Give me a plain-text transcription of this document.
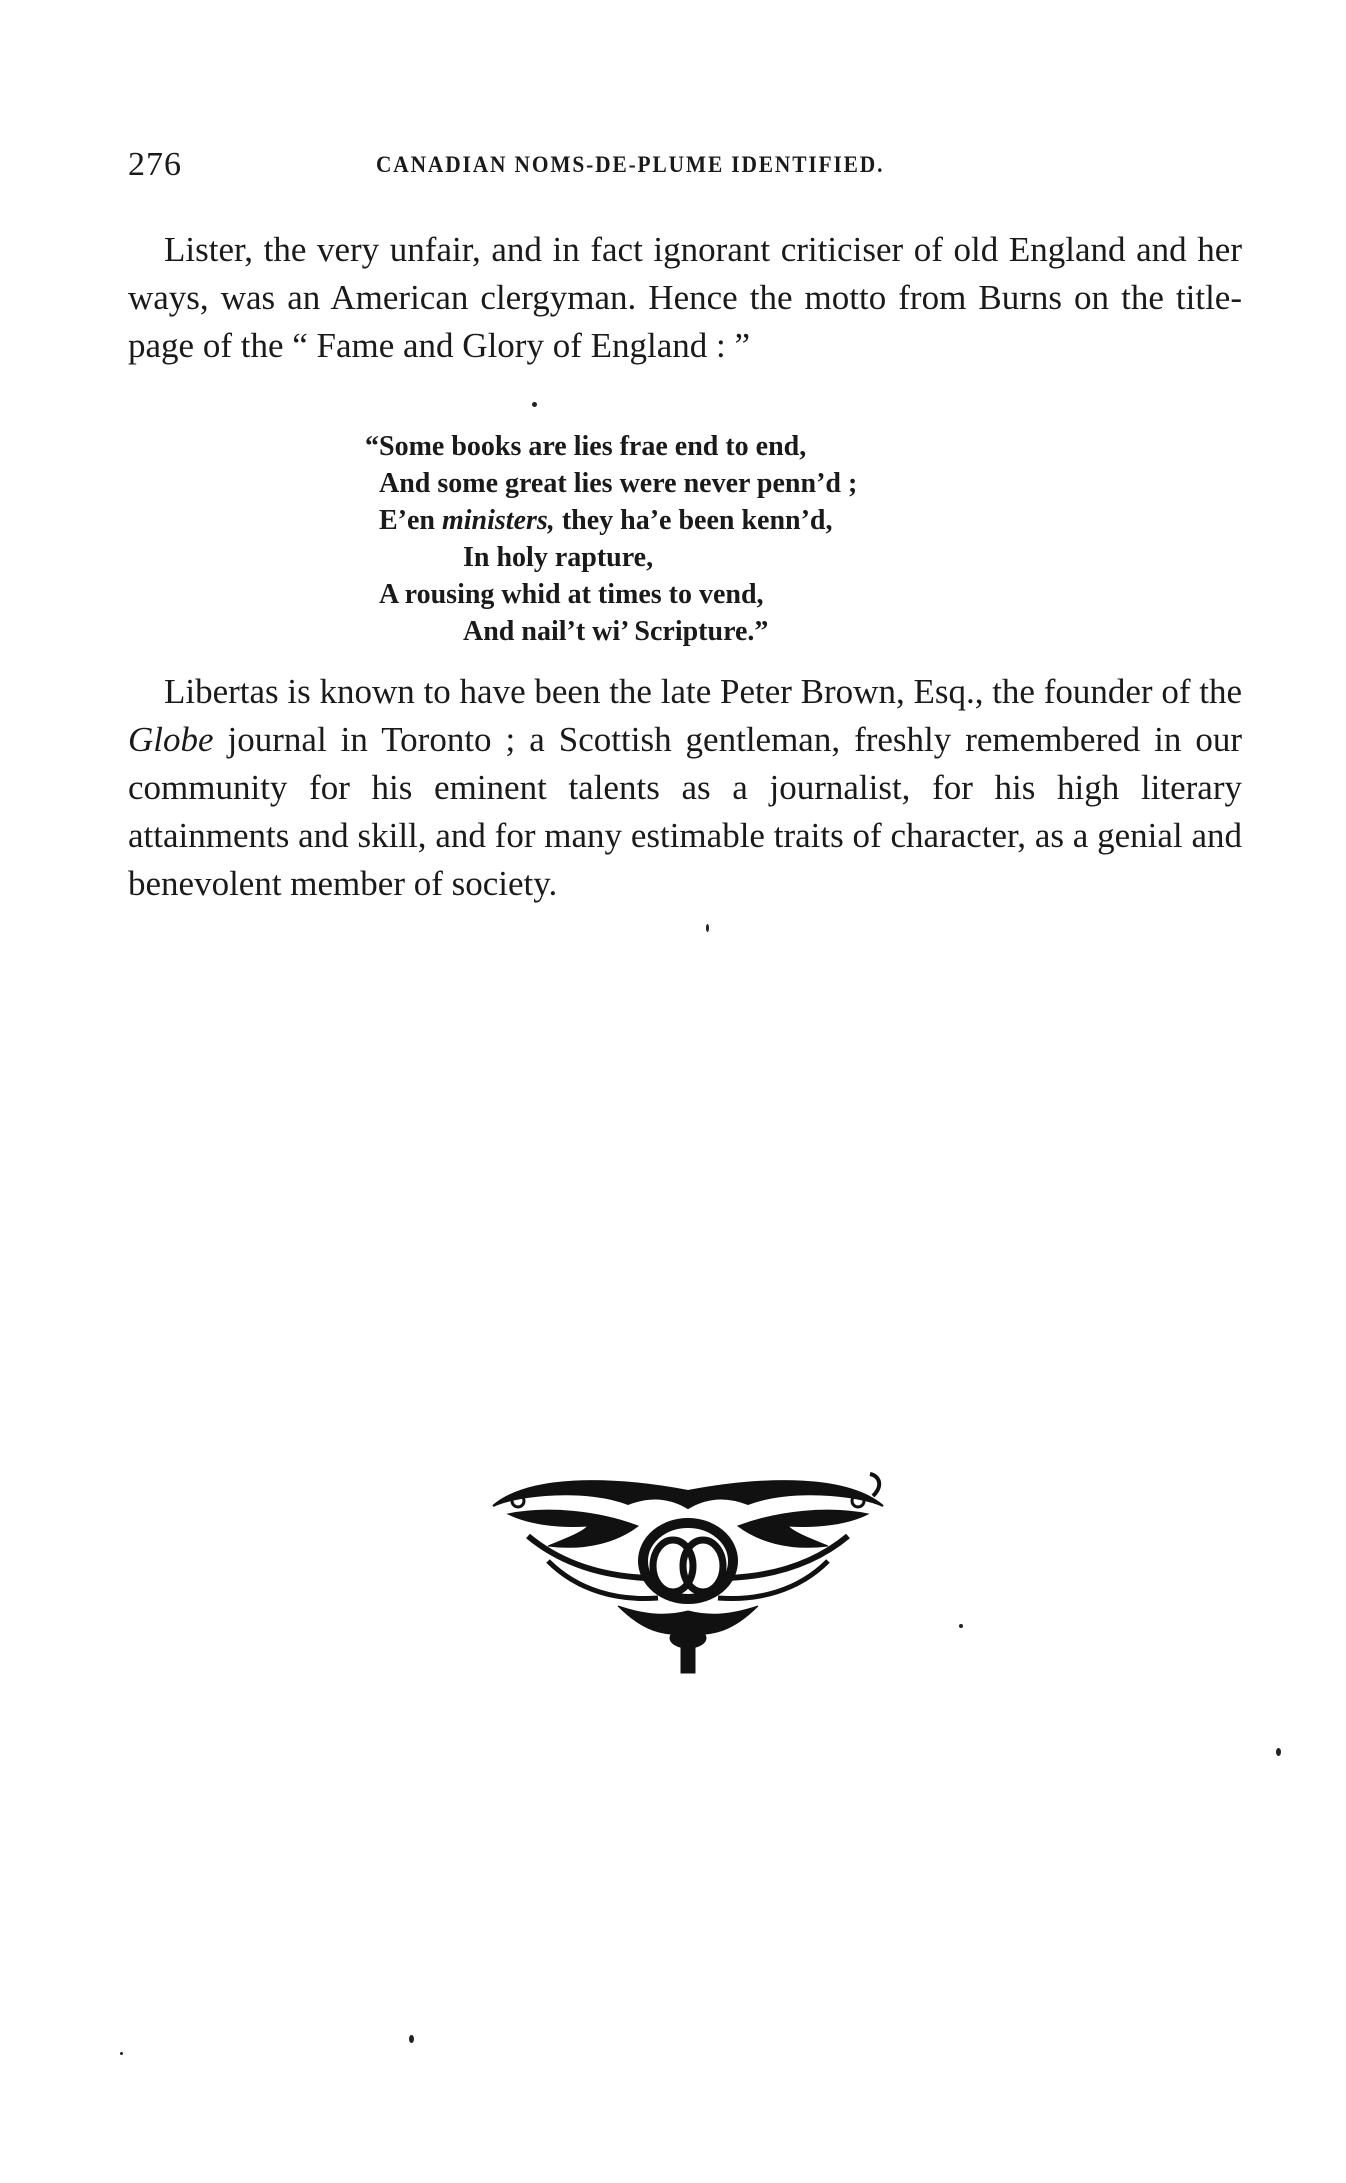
276	CANADIAN NOMS-DE-PLUME IDENTIFIED.

Lister, the very unfair, and in fact ignorant criticiser of old England and her ways, was an American clergyman. Hence the motto from Burns on the title-page of the “ Fame and Glory of England : ”

“Some books are lies frae end to end,
And some great lies were never penn’d ;
E’en ministers, they ha’e been kenn’d,
In holy rapture,
A rousing whid at times to vend,
And nail’t wi’ Scripture.”

Libertas is known to have been the late Peter Brown, Esq., the founder of the Globe journal in Toronto ; a Scottish gentleman, freshly remembered in our community for his eminent talents as a journalist, for his high literary attainments and skill, and for many estimable traits of character, as a genial and benevolent member of society.
